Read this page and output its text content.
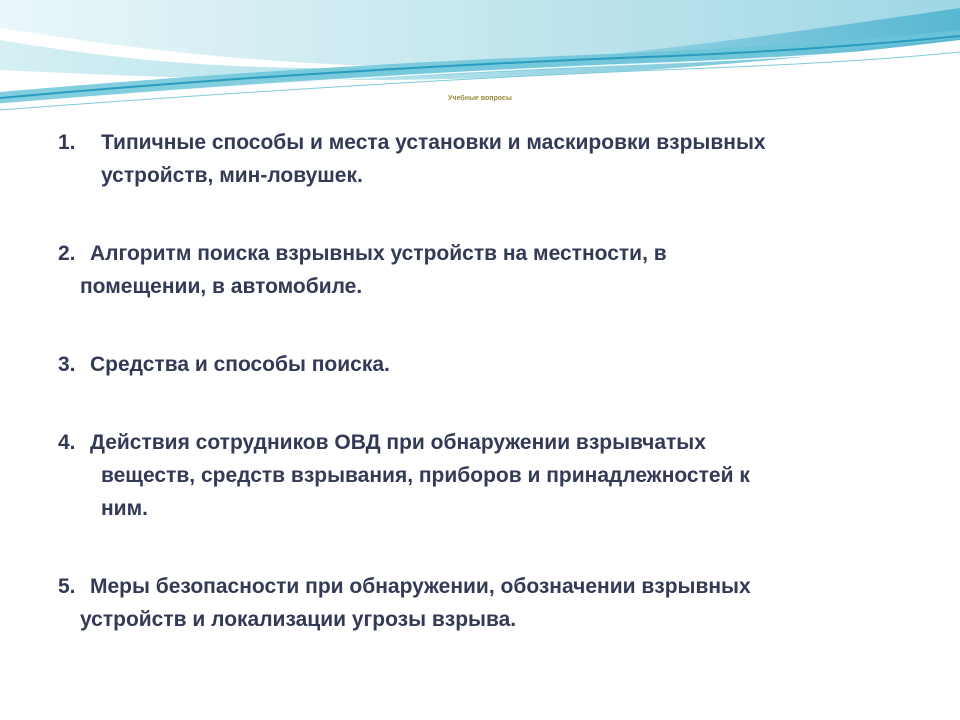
Учебные вопросы
1. Типичные способы и места установки и маскировки взрывных
устройств, мин-ловушек.
2. Алгоритм поиска взрывных устройств на местности, в
помещении, в автомобиле.
3. Средства и способы поиска.
4. Действия сотрудников ОВД при обнаружении взрывчатых
веществ, средств взрывания, приборов и принадлежностей к
ним.
5. Меры безопасности при обнаружении, обозначении взрывных
устройств и локализации угрозы взрыва.
